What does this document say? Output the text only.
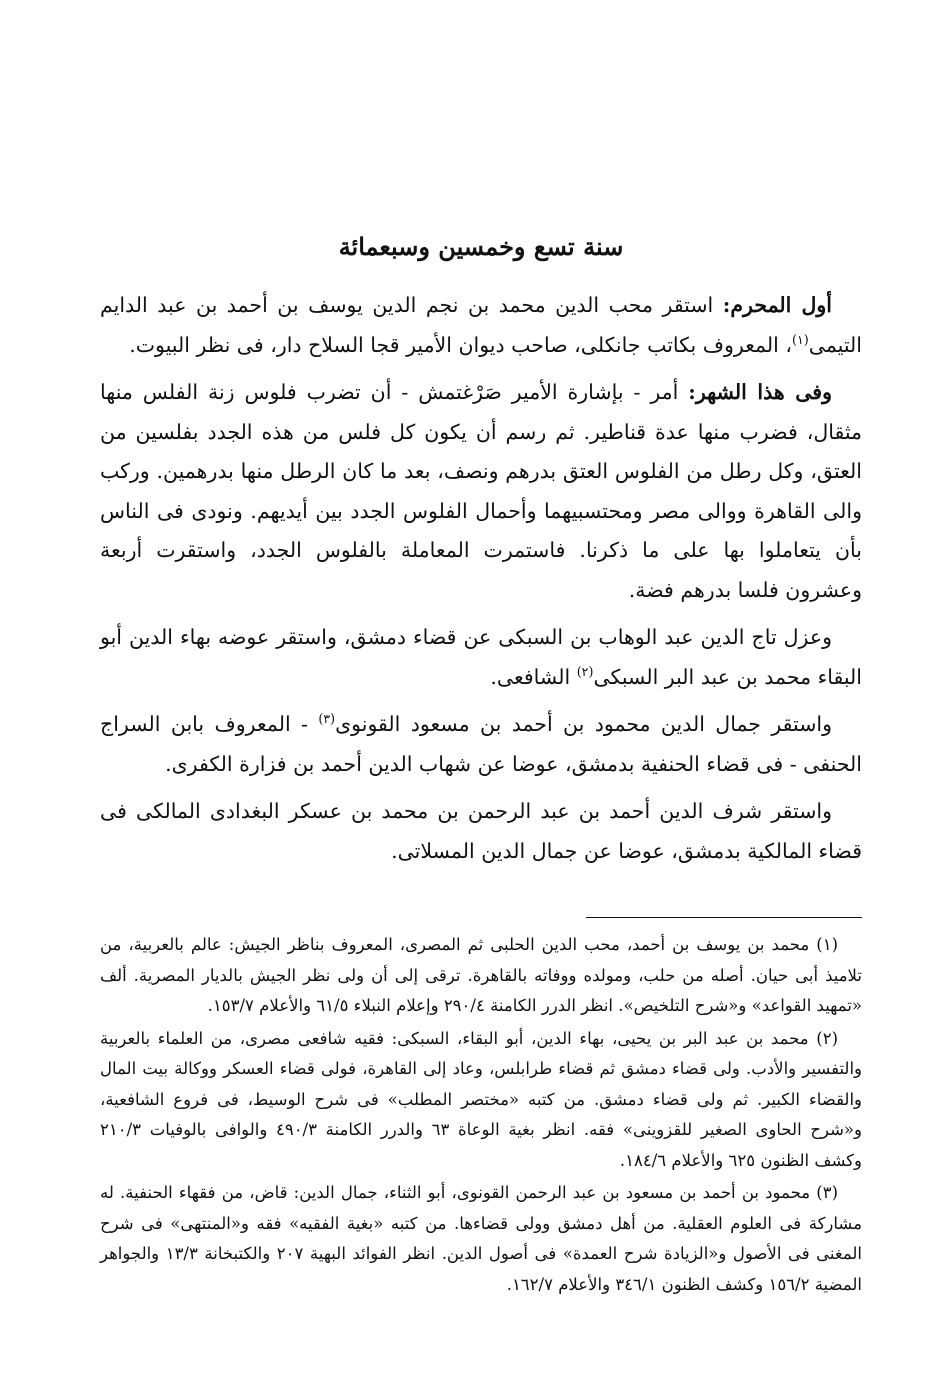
سنة تسع وخمسين وسبعمائة

أول المحرم: استقر محب الدين محمد بن نجم الدين يوسف بن أحمد بن عبد الدايم التيمى$^{(١)}$، المعروف بكاتب جانكلى، صاحب ديوان الأمير قجا السلاح دار، فى نظر البيوت.

وفى هذا الشهر: أمر - بإشارة الأمير صَرْغتمش - أن تضرب فلوس زنة الفلس منها مثقال، فضرب منها عدة قناطير. ثم رسم أن يكون كل فلس من هذه الجدد بفلسين من العتق، وكل رطل من الفلوس العتق بدرهم ونصف، بعد ما كان الرطل منها بدرهمين. وركب والى القاهرة ووالى مصر ومحتسبيهما وأحمال الفلوس الجدد بين أيديهم. ونودى فى الناس بأن يتعاملوا بها على ما ذكرنا. فاستمرت المعاملة بالفلوس الجدد، واستقرت أربعة وعشرون فلسا بدرهم فضة.

وعزل تاج الدين عبد الوهاب بن السبكى عن قضاء دمشق، واستقر عوضه بهاء الدين أبو البقاء محمد بن عبد البر السبكى$^{(٢)}$ الشافعى.

واستقر جمال الدين محمود بن أحمد بن مسعود القونوى$^{(٣)}$ - المعروف بابن السراج الحنفى - فى قضاء الحنفية بدمشق، عوضا عن شهاب الدين أحمد بن فزارة الكفرى.

واستقر شرف الدين أحمد بن عبد الرحمن بن محمد بن عسكر البغدادى المالكى فى قضاء المالكية بدمشق، عوضا عن جمال الدين المسلاتى.

(١) محمد بن يوسف بن أحمد، محب الدين الحلبى ثم المصرى، المعروف بناظر الجيش: عالم بالعربية، من تلاميذ أبى حيان. أصله من حلب، ومولده ووفاته بالقاهرة. ترقى إلى أن ولى نظر الجيش بالديار المصرية. ألف «تمهيد القواعد» و«شرح التلخيص». انظر الدرر الكامنة ٢٩٠/٤ وإعلام النبلاء ٦١/٥ والأعلام ١٥٣/٧.

(٢) محمد بن عبد البر بن يحيى، بهاء الدين، أبو البقاء، السبكى: فقيه شافعى مصرى، من العلماء بالعربية والتفسير والأدب. ولى قضاء دمشق ثم قضاء طرابلس، وعاد إلى القاهرة، فولى قضاء العسكر ووكالة بيت المال والقضاء الكبير. ثم ولى قضاء دمشق. من كتبه «مختصر المطلب» فى شرح الوسيط، فى فروع الشافعية، و«شرح الحاوى الصغير للقزوينى» فقه. انظر بغية الوعاة ٦٣ والدرر الكامنة ٤٩٠/٣ والوافى بالوفيات ٢١٠/٣ وكشف الظنون ٦٢٥ والأعلام ١٨٤/٦.

(٣) محمود بن أحمد بن مسعود بن عبد الرحمن القونوى، أبو الثناء، جمال الدين: قاض، من فقهاء الحنفية. له مشاركة فى العلوم العقلية. من أهل دمشق وولى قضاءها. من كتبه «بغية الفقيه» فقه و«المنتهى» فى شرح المغنى فى الأصول و«الزيادة شرح العمدة» فى أصول الدين. انظر الفوائد البهية ٢٠٧ والكتبخانة ١٣/٣ والجواهر المضية ١٥٦/٢ وكشف الظنون ٣٤٦/١ والأعلام ١٦٢/٧.
